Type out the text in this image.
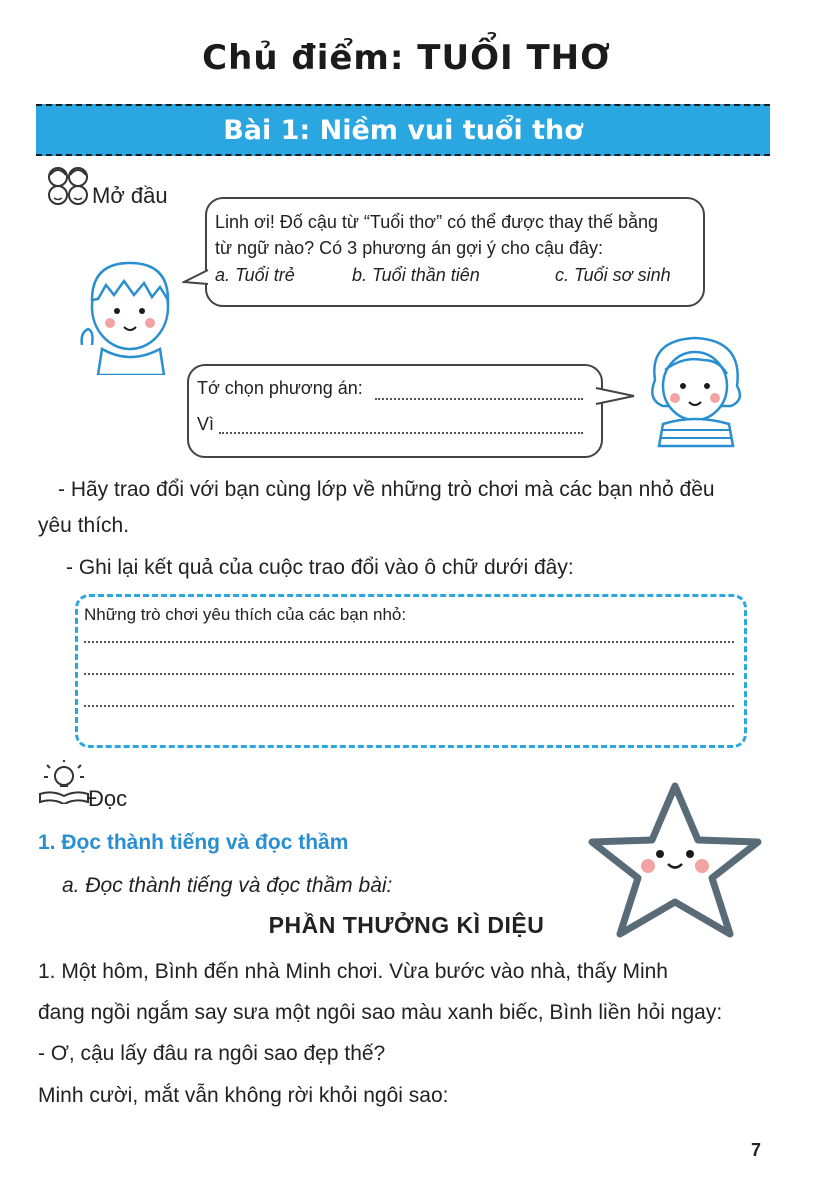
Chủ điểm: TUỔI THƠ
Bài 1: Niềm vui tuổi thơ
Mở đầu

Linh ơi! Đố cậu từ “Tuổi thơ” có thể được thay thế bằng

từ ngữ nào? Có 3 phương án gợi ý cho cậu đây:

a. Tuổi trẻ	b. Tuổi thần tiên	c. Tuổi sơ sinh
Tớ chọn phương án:
Vì
- Hãy trao đổi với bạn cùng lớp về những trò chơi mà các bạn nhỏ đều
yêu thích.
- Ghi lại kết quả của cuộc trao đổi vào ô chữ dưới đây:
Những trò chơi yêu thích của các bạn nhỏ:
Đọc
1. Đọc thành tiếng và đọc thầm
a. Đọc thành tiếng và đọc thầm bài:
PHẦN THƯỞNG KÌ DIỆU
1. Một hôm, Bình đến nhà Minh chơi. Vừa bước vào nhà, thấy Minh
đang ngồi ngắm say sưa một ngôi sao màu xanh biếc, Bình liền hỏi ngay:
- Ơ, cậu lấy đâu ra ngôi sao đẹp thế?
Minh cười, mắt vẫn không rời khỏi ngôi sao:
7
